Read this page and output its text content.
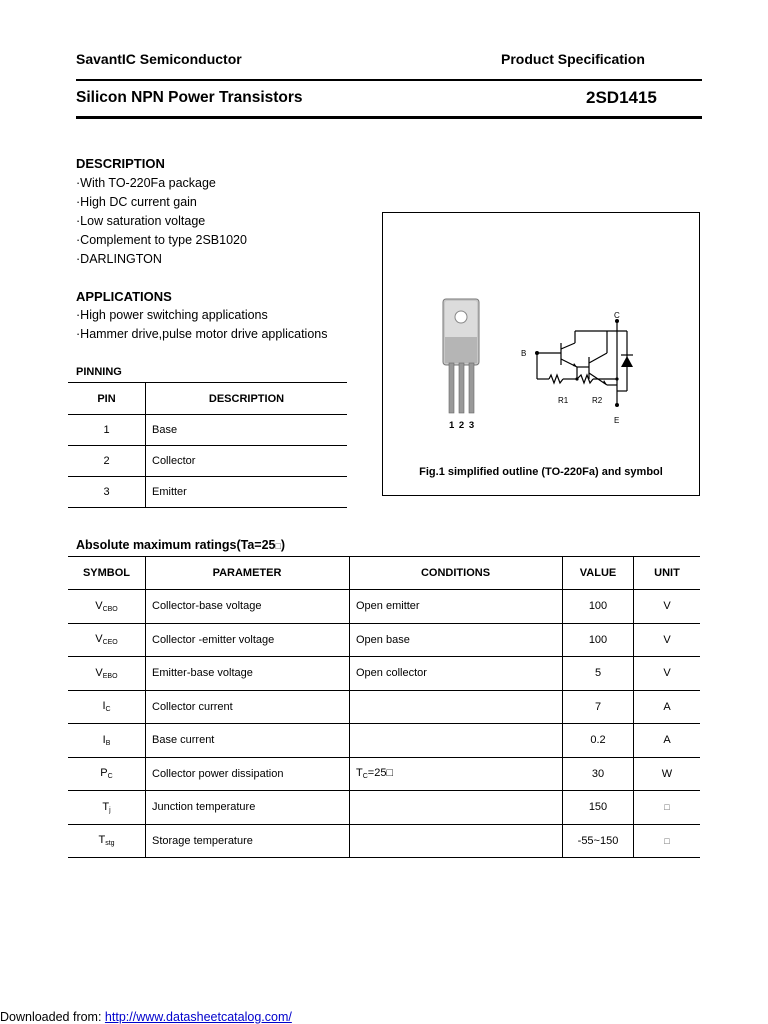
SavantIC Semiconductor	Product Specification
Silicon NPN Power Transistors	2SD1415
DESCRIPTION
·With TO-220Fa package
·High DC current gain
·Low saturation voltage
·Complement to type 2SB1020
·DARLINGTON
APPLICATIONS
·High power switching applications
·Hammer drive,pulse motor drive applications
PINNING
PIN	DESCRIPTION
1	Base
2	Collector
3	Emitter
1 2 3
C
B
E
R1	R2
Fig.1 simplified outline (TO-220Fa) and symbol
Absolute maximum ratings(Ta=25□)
SYMBOL	PARAMETER	CONDITIONS	VALUE	UNIT
$V_{CBO}$	Collector-base voltage	Open emitter	100	V
$V_{CEO}$	Collector -emitter voltage	Open base	100	V
$V_{EBO}$	Emitter-base voltage	Open collector	5	V
$I_C$	Collector current		7	A
$I_B$	Base current		0.2	A
$P_C$	Collector power dissipation	$T_C=25□$	30	W
$T_j$	Junction temperature		150	□
$T_{stg}$	Storage temperature		-55~150	□
Downloaded from: http://www.datasheetcatalog.com/
